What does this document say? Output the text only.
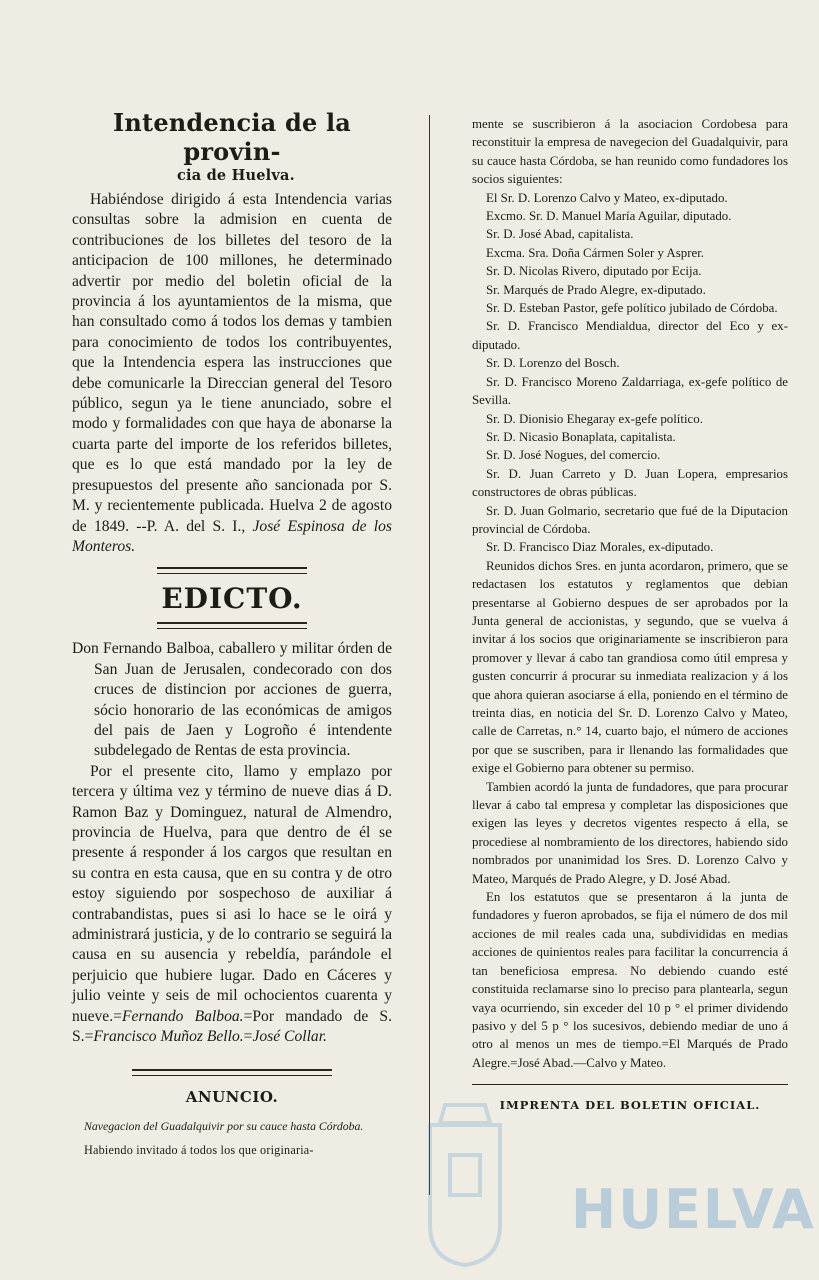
Intendencia de la provin-

cia de Huelva.

Habiéndose dirigido á esta Intendencia varias consultas sobre la admision en cuenta de contribuciones de los billetes del tesoro de la anticipacion de 100 millones, he determinado advertir por medio del boletin oficial de la provincia á los ayuntamientos de la misma, que han consultado como á todos los demas y tambien para conocimiento de todos los contribuyentes, que la Intendencia espera las instrucciones que debe comunicarle la Direccian general del Tesoro público, segun ya le tiene anunciado, sobre el modo y formalidades con que haya de abonarse la cuarta parte del importe de los referidos billetes, que es lo que está mandado por la ley de presupuestos del presente año sancionada por S. M. y recientemente publicada. Huelva 2 de agosto de 1849. --P. A. del S. I., José Espinosa de los Monteros.

EDICTO.

Don Fernando Balboa, caballero y militar órden de San Juan de Jerusalen, condecorado con dos cruces de distincion por acciones de guerra, sócio honorario de las económicas de amigos del pais de Jaen y Logroño é intendente subdelegado de Rentas de esta provincia.

Por el presente cito, llamo y emplazo por tercera y última vez y término de nueve dias á D. Ramon Baz y Dominguez, natural de Almendro, provincia de Huelva, para que dentro de él se presente á responder á los cargos que resultan en su contra en esta causa, que en su contra y de otro estoy siguiendo por sospechoso de auxiliar á contrabandistas, pues si asi lo hace se le oirá y administrará justicia, y de lo contrario se seguirá la causa en su ausencia y rebeldía, parándole el perjuicio que hubiere lugar. Dado en Cáceres y julio veinte y seis de mil ochocientos cuarenta y nueve.=Fernando Balboa.=Por mandado de S. S.=Francisco Muñoz Bello.=José Collar.

ANUNCIO.

Navegacion del Guadalquivir por su cauce hasta Córdoba.

Habiendo invitado á todos los que originaria-

mente se suscribieron á la asociacion Cordobesa para reconstituir la empresa de navegecion del Guadalquivir, para su cauce hasta Córdoba, se han reunido como fundadores los socios siguientes:

El Sr. D. Lorenzo Calvo y Mateo, ex-diputado.

Excmo. Sr. D. Manuel María Aguilar, diputado.

Sr. D. José Abad, capitalista.

Excma. Sra. Doña Cármen Soler y Asprer.

Sr. D. Nicolas Rivero, diputado por Ecija.

Sr. Marqués de Prado Alegre, ex-diputado.

Sr. D. Esteban Pastor, gefe político jubilado de Córdoba.

Sr. D. Francisco Mendialdua, director del Eco y ex-diputado.

Sr. D. Lorenzo del Bosch.

Sr. D. Francisco Moreno Zaldarriaga, ex-gefe político de Sevilla.

Sr. D. Dionisio Ehegaray ex-gefe político.

Sr. D. Nicasio Bonaplata, capitalista.

Sr. D. José Nogues, del comercio.

Sr. D. Juan Carreto y D. Juan Lopera, empresarios constructores de obras públicas.

Sr. D. Juan Golmario, secretario que fué de la Diputacion provincial de Córdoba.

Sr. D. Francisco Diaz Morales, ex-diputado.

Reunidos dichos Sres. en junta acordaron, primero, que se redactasen los estatutos y reglamentos que debian presentarse al Gobierno despues de ser aprobados por la Junta general de accionistas, y segundo, que se vuelva á invitar á los socios que originariamente se inscribieron para promover y llevar á cabo tan grandiosa como útil empresa y gusten concurrir á procurar su inmediata realizacion y á los que ahora quieran asociarse á ella, poniendo en el término de treinta dias, en noticia del Sr. D. Lorenzo Calvo y Mateo, calle de Carretas, n.° 14, cuarto bajo, el número de acciones por que se suscriben, para ir llenando las formalidades que exige el Gobierno para obtener su permiso.

Tambien acordó la junta de fundadores, que para procurar llevar á cabo tal empresa y completar las disposiciones que exigen las leyes y decretos vigentes respecto á ella, se procediese al nombramiento de los directores, habiendo sido nombrados por unanimidad los Sres. D. Lorenzo Calvo y Mateo, Marqués de Prado Alegre, y D. José Abad.

En los estatutos que se presentaron á la junta de fundadores y fueron aprobados, se fija el número de dos mil acciones de mil reales cada una, subdivididas en medias acciones de quinientos reales para facilitar la concurrencia á tan beneficiosa empresa. No debiendo cuando esté constituida reclamarse sino lo preciso para plantearla, segun vaya ocurriendo, sin exceder del 10 p ° el primer dividendo pasivo y del 5 p ° los sucesivos, debiendo mediar de uno á otro al menos un mes de tiempo.=El Marqués de Prado Alegre.=José Abad.—Calvo y Mateo.

IMPRENTA DEL BOLETIN OFICIAL.

HUELVA
